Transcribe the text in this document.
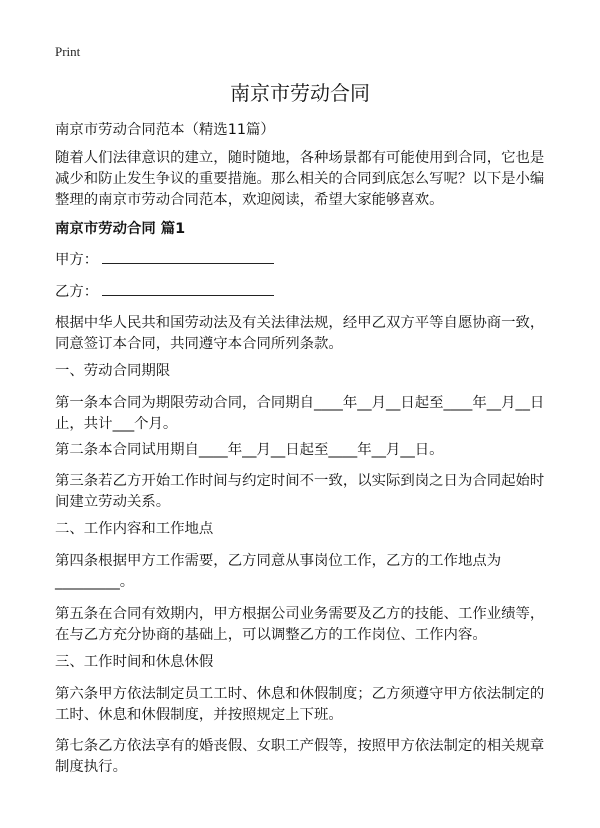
Print
南京市劳动合同

南京市劳动合同范本（精选11篇）

随着人们法律意识的建立，随时随地，各种场景都有可能使用到合同，它也是减少和防止发生争议的重要措施。那么相关的合同到底怎么写呢？以下是小编整理的南京市劳动合同范本，欢迎阅读，希望大家能够喜欢。

南京市劳动合同 篇1

甲方：
乙方：

根据中华人民共和国劳动法及有关法律法规，经甲乙双方平等自愿协商一致，同意签订本合同，共同遵守本合同所列条款。

一、劳动合同期限

第一条本合同为期限劳动合同，合同期自____年__月__日起至____年__月__日止，共计___个月。

第二条本合同试用期自____年__月__日起至____年__月__日。

第三条若乙方开始工作时间与约定时间不一致，以实际到岗之日为合同起始时间建立劳动关系。

二、工作内容和工作地点

第四条根据甲方工作需要，乙方同意从事岗位工作，乙方的工作地点为_________。

第五条在合同有效期内，甲方根据公司业务需要及乙方的技能、工作业绩等，在与乙方充分协商的基础上，可以调整乙方的工作岗位、工作内容。

三、工作时间和休息休假

第六条甲方依法制定员工工时、休息和休假制度；乙方须遵守甲方依法制定的工时、休息和休假制度，并按照规定上下班。

第七条乙方依法享有的婚丧假、女职工产假等，按照甲方依法制定的相关规章制度执行。
